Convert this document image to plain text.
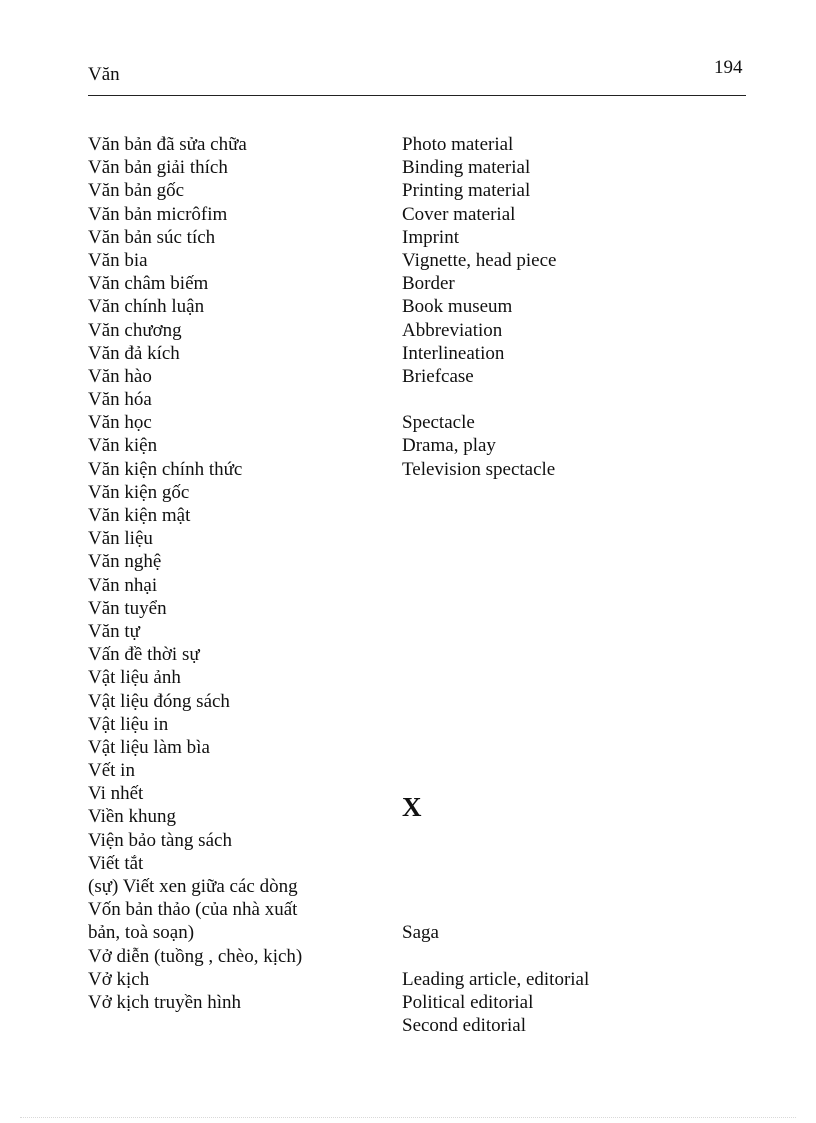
Văn	194
Văn bản đã sửa chữa
Văn bản giải thích
Văn bản gốc
Văn bản micrôfim
Văn bản súc tích
Văn bia
Văn châm biếm
Văn chính luận
Văn chương
Văn đả kích
Văn hào
Văn hóa
Văn học
Văn kiện
Văn kiện chính thức
Văn kiện gốc
Văn kiện mật
Văn liệu
Văn nghệ
Văn nhại
Văn tuyển
Văn tự
Vấn đề thời sự
Vật liệu ảnh
Vật liệu đóng sách
Vật liệu in
Vật liệu làm bìa
Vết in
Vi nhết
Viền khung
Viện bảo tàng sách
Viết tắt
(sự) Viết xen giữa các dòng
Vốn bản thảo (của nhà xuất
bản, toà soạn)
Vở diễn (tuồng , chèo, kịch)
Vở kịch
Vở kịch truyền hình
Photo material
Binding material
Printing material
Cover material
Imprint
Vignette, head piece
Border
Book museum
Abbreviation
Interlineation
Briefcase
Spectacle
Drama, play
Television spectacle
Saga
Leading article, editorial
Political editorial
Second editorial
X
